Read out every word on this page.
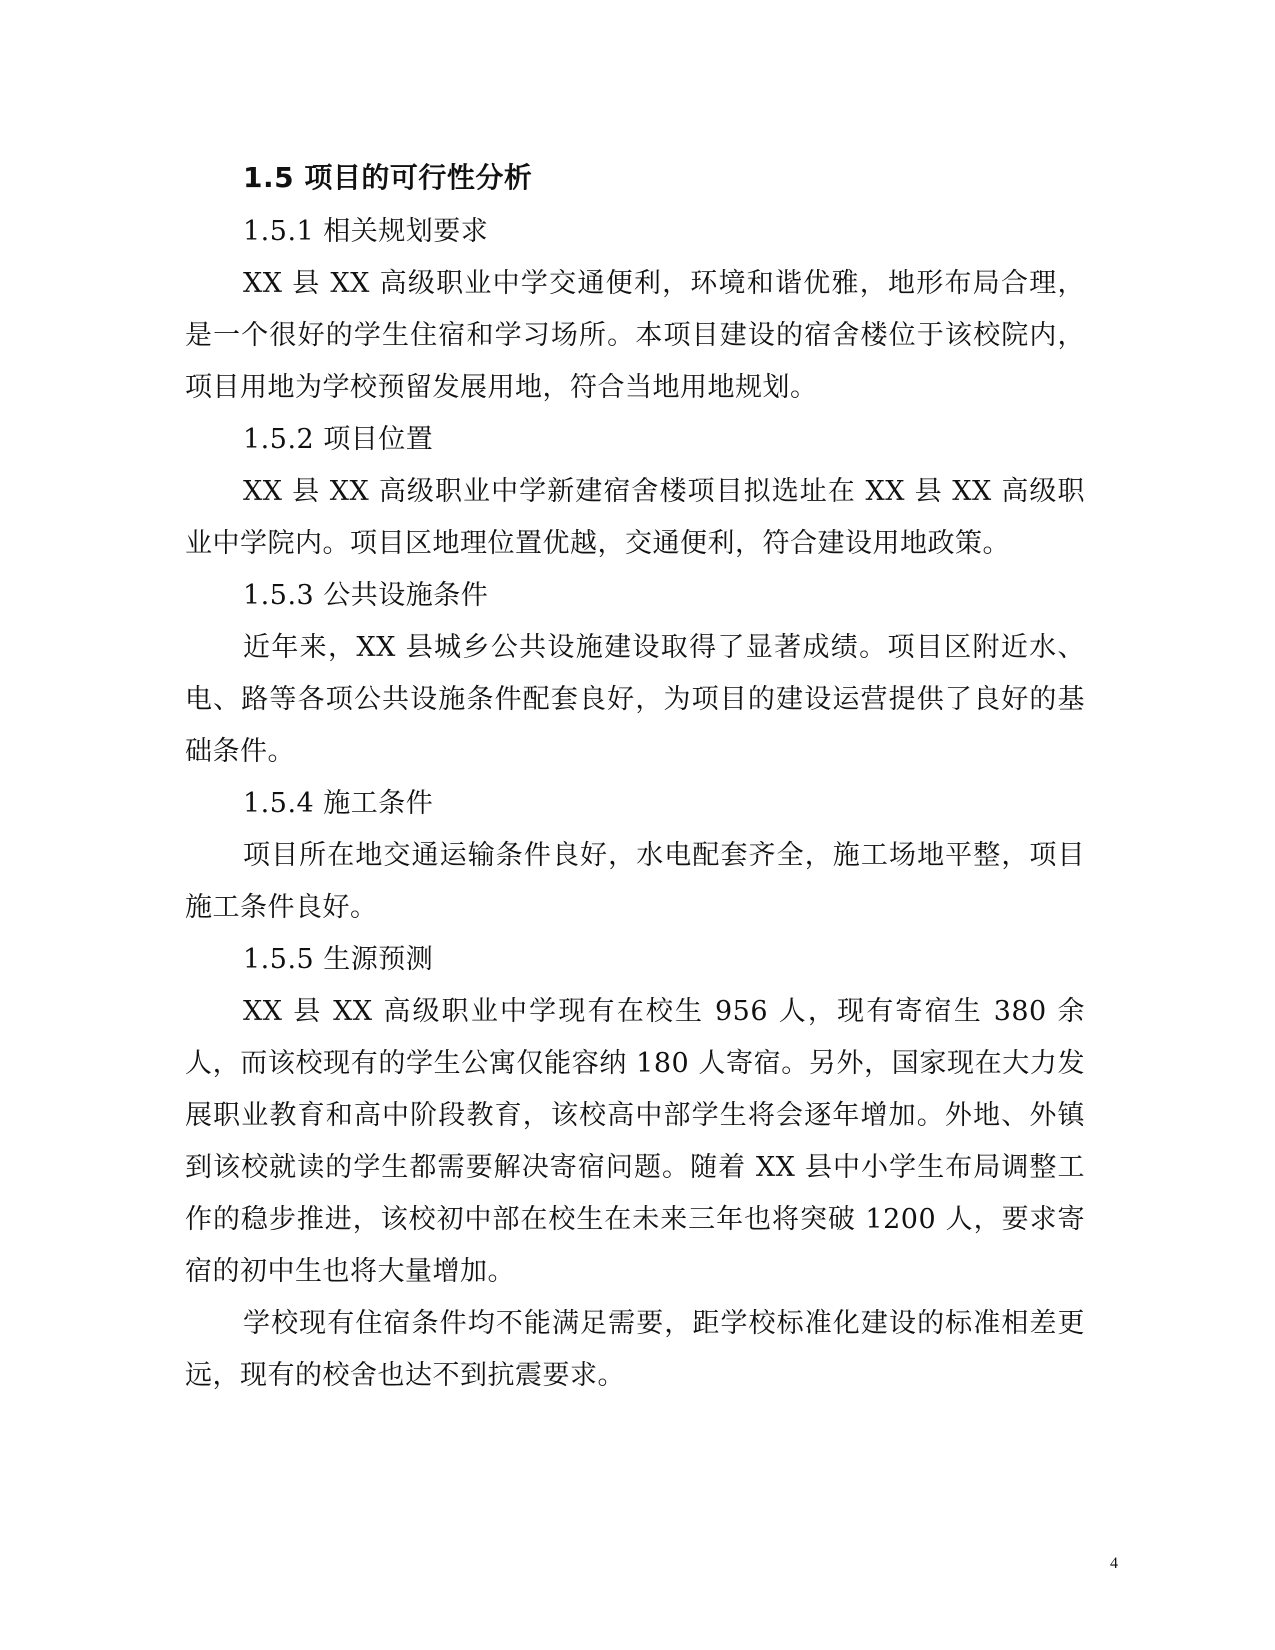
1.5 项目的可行性分析
1.5.1 相关规划要求

XX 县 XX 高级职业中学交通便利，环境和谐优雅，地形布局合理，是一个很好的学生住宿和学习场所。本项目建设的宿舍楼位于该校院内，项目用地为学校预留发展用地，符合当地用地规划。

1.5.2 项目位置

XX 县 XX 高级职业中学新建宿舍楼项目拟选址在 XX 县 XX 高级职业中学院内。项目区地理位置优越，交通便利，符合建设用地政策。

1.5.3 公共设施条件

近年来，XX 县城乡公共设施建设取得了显著成绩。项目区附近水、电、路等各项公共设施条件配套良好，为项目的建设运营提供了良好的基础条件。

1.5.4 施工条件

项目所在地交通运输条件良好，水电配套齐全，施工场地平整，项目施工条件良好。

1.5.5 生源预测

XX 县 XX 高级职业中学现有在校生 956 人，现有寄宿生 380 余人，而该校现有的学生公寓仅能容纳 180 人寄宿。另外，国家现在大力发展职业教育和高中阶段教育，该校高中部学生将会逐年增加。外地、外镇到该校就读的学生都需要解决寄宿问题。随着 XX 县中小学生布局调整工作的稳步推进，该校初中部在校生在未来三年也将突破 1200 人，要求寄宿的初中生也将大量增加。

学校现有住宿条件均不能满足需要，距学校标准化建设的标准相差更远，现有的校舍也达不到抗震要求。

4
